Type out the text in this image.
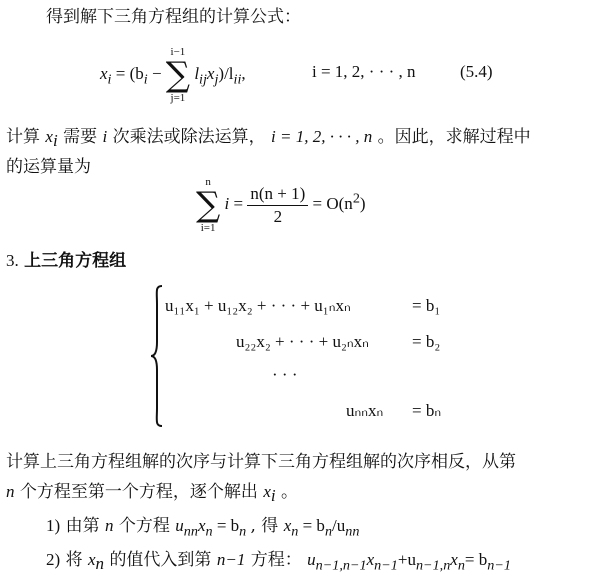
得到解下三角方程组的计算公式：
$x_i = (b_i - i-1$
∑
j=1 $l_{ij}x_j)/l_{ii}$,	i = 1, 2, · · · , n	(5.4)
计算 $x_i$ 需要 i 次乘法或除法运算， i = 1, 2, · · · , n 。因此，求解过程中
的运算量为
n
∑
i=1 $i = \frac{n(n + 1)}{2} = O(n^2)$
3. 上三角方程组
u₁₁x₁ + u₁₂x₂ + · · · + u₁ₙxₙ	= b₁
u₂₂x₂ + · · · + u₂ₙxₙ	= b₂
· · ·
uₙₙxₙ = bₙ
计算上三角方程组解的次序与计算下三角方程组解的次序相反，从第
n 个方程至第一个方程，逐个解出 $x_i$ 。
1) 由第 n 个方程 $u_{nn}x_n = b_n$ , 得 $x_n = b_n/u_{nn}$
2) 将 $x_n$ 的值代入到第 n−1 方程： $u_{n-1,n-1}x_{n-1}+u_{n-1,n}x_n= b_{n-1}$
